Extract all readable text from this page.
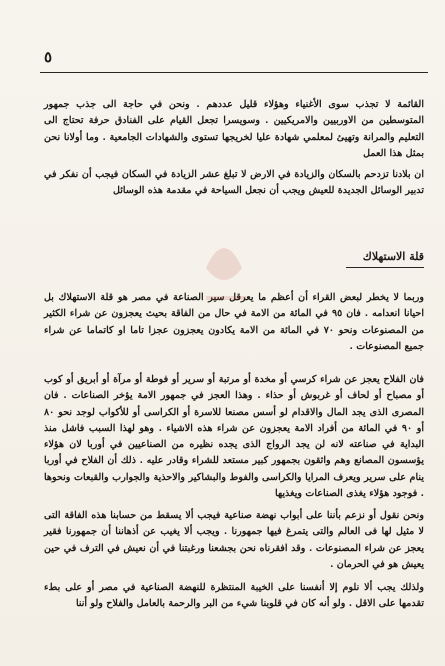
٥
القائمة لا تجذب سوى الأغنياء وهؤلاء قليل عددهم . ونحن في حاجة الى جذب جمهور المتوسطين من الاوربيين والامريكيين . وسويسرا تجعل القيام على الفنادق حرفة تحتاج الى التعليم والمرانة وتهيئ لمعلمي شهادة عليا لخريجها تستوى والشهادات الجامعية . وما أولانا نحن بمثل هذا العمل
ان بلادنا تزدحم بالسكان والزيادة في الارض لا تبلغ عشر الزيادة في السكان فيجب أن نفكر في تدبير الوسائل الجديدة للعيش ويجب أن نجعل السياحة في مقدمة هذه الوسائل
قلة الاستهلاك
وربما لا يخطر لبعض القراء أن أعظم ما يعرقل سير الصناعة في مصر هو قلة الاستهلاك بل احيانا انعدامه . فان ٩٥ في المائة من الامة في حال من الفاقة بحيث يعجزون عن شراء الكثير من المصنوعات ونحو ٧٠ في المائة من الامة يكادون يعجزون عجزا تاما او كاتماما عن شراء جميع المصنوعات .
فان الفلاح يعجز عن شراء كرسي أو مخدة أو مرتبة أو سرير أو فوطة أو مرآة أو أبريق أو كوب أو مصباح أو لحاف أو غربوش أو حذاء . وهذا العجز في جمهور الامة يؤخر الصناعات . فان المصرى الذى يجد المال والاقدام لو أسس مصنعا للاسرة أو الكراسى أو للأكواب لوجد نحو ٨٠ أو ٩٠ في المائة من أفراد الامة يعجزون عن شراء هذه الاشياء . وهو لهذا السبب فاشل منذ البداية في صناعته لانه لن يجد الرواج الذى يجده نظيره من الصناعيين في أوربا لان هؤلاء يؤسسون المصانع وهم واثقون بجمهور كبير مستعد للشراء وقادر عليه . ذلك أن الفلاح في أوربا ينام على سرير ويعرف المرايا والكراسى والفوط والبشاكير والاحذية والجوارب والقبعات ونحوها . فوجود هؤلاء يغذى الصناعات ويغذيها
ونحن نقول أو نزعم بأننا على أبواب نهضة صناعية فيجب ألا يسقط من حسابنا هذه الفاقة التى لا مثيل لها فى العالم والتى يتمرغ فيها جمهورنا . ويجب ألا يغيب عن أذهاننا أن جمهورنا فقير يعجز عن شراء المصنوعات . وقد افقرناه نحن بجشعنا ورغبتنا في أن نعيش في الترف في حين يعيش هو في الحرمان .
ولذلك يجب ألا نلوم إلا أنفسنا على الخيبة المنتظرة للنهضة الصناعية في مصر أو على بطء تقدمها على الاقل . ولو أنه كان في قلوبنا شيء من البر والرحمة بالعامل والفلاح ولو أننا
